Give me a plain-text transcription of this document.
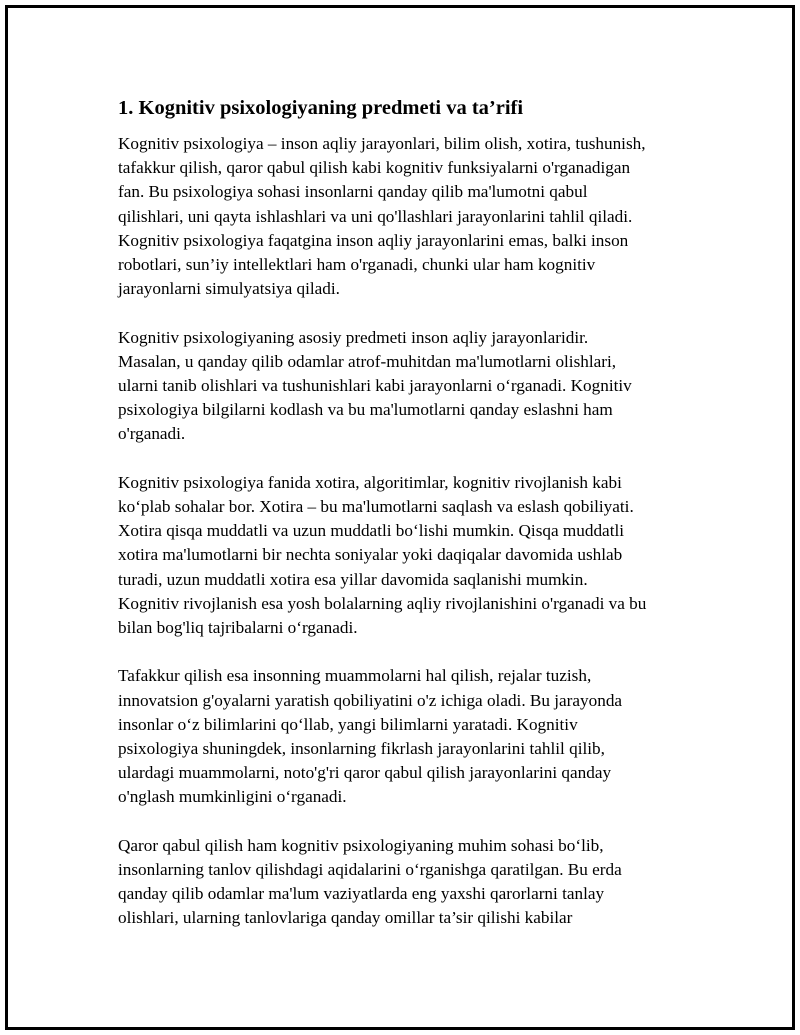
1. Kognitiv psixologiyaning predmeti va ta’rifi

Kognitiv psixologiya – inson aqliy jarayonlari, bilim olish, xotira, tushunish,
tafakkur qilish, qaror qabul qilish kabi kognitiv funksiyalarni o'rganadigan
fan. Bu psixologiya sohasi insonlarni qanday qilib ma'lumotni qabul
qilishlari, uni qayta ishlashlari va uni qo'llashlari jarayonlarini tahlil qiladi.
Kognitiv psixologiya faqatgina inson aqliy jarayonlarini emas, balki inson
robotlari, sun’iy intellektlari ham o'rganadi, chunki ular ham kognitiv
jarayonlarni simulyatsiya qiladi.

Kognitiv psixologiyaning asosiy predmeti inson aqliy jarayonlaridir.
Masalan, u qanday qilib odamlar atrof-muhitdan ma'lumotlarni olishlari,
ularni tanib olishlari va tushunishlari kabi jarayonlarni o‘rganadi. Kognitiv
psixologiya bilgilarni kodlash va bu ma'lumotlarni qanday eslashni ham
o'rganadi.

Kognitiv psixologiya fanida xotira, algoritimlar, kognitiv rivojlanish kabi
ko‘plab sohalar bor. Xotira – bu ma'lumotlarni saqlash va eslash qobiliyati.
Xotira qisqa muddatli va uzun muddatli bo‘lishi mumkin. Qisqa muddatli
xotira ma'lumotlarni bir nechta soniyalar yoki daqiqalar davomida ushlab
turadi, uzun muddatli xotira esa yillar davomida saqlanishi mumkin.
Kognitiv rivojlanish esa yosh bolalarning aqliy rivojlanishini o'rganadi va bu
bilan bog'liq tajribalarni o‘rganadi.

Tafakkur qilish esa insonning muammolarni hal qilish, rejalar tuzish,
innovatsion g'oyalarni yaratish qobiliyatini o'z ichiga oladi. Bu jarayonda
insonlar o‘z bilimlarini qo‘llab, yangi bilimlarni yaratadi. Kognitiv
psixologiya shuningdek, insonlarning fikrlash jarayonlarini tahlil qilib,
ulardagi muammolarni, noto'g'ri qaror qabul qilish jarayonlarini qanday
o'nglash mumkinligini o‘rganadi.

Qaror qabul qilish ham kognitiv psixologiyaning muhim sohasi bo‘lib,
insonlarning tanlov qilishdagi aqidalarini o‘rganishga qaratilgan. Bu erda
qanday qilib odamlar ma'lum vaziyatlarda eng yaxshi qarorlarni tanlay
olishlari, ularning tanlovlariga qanday omillar ta’sir qilishi kabilar
